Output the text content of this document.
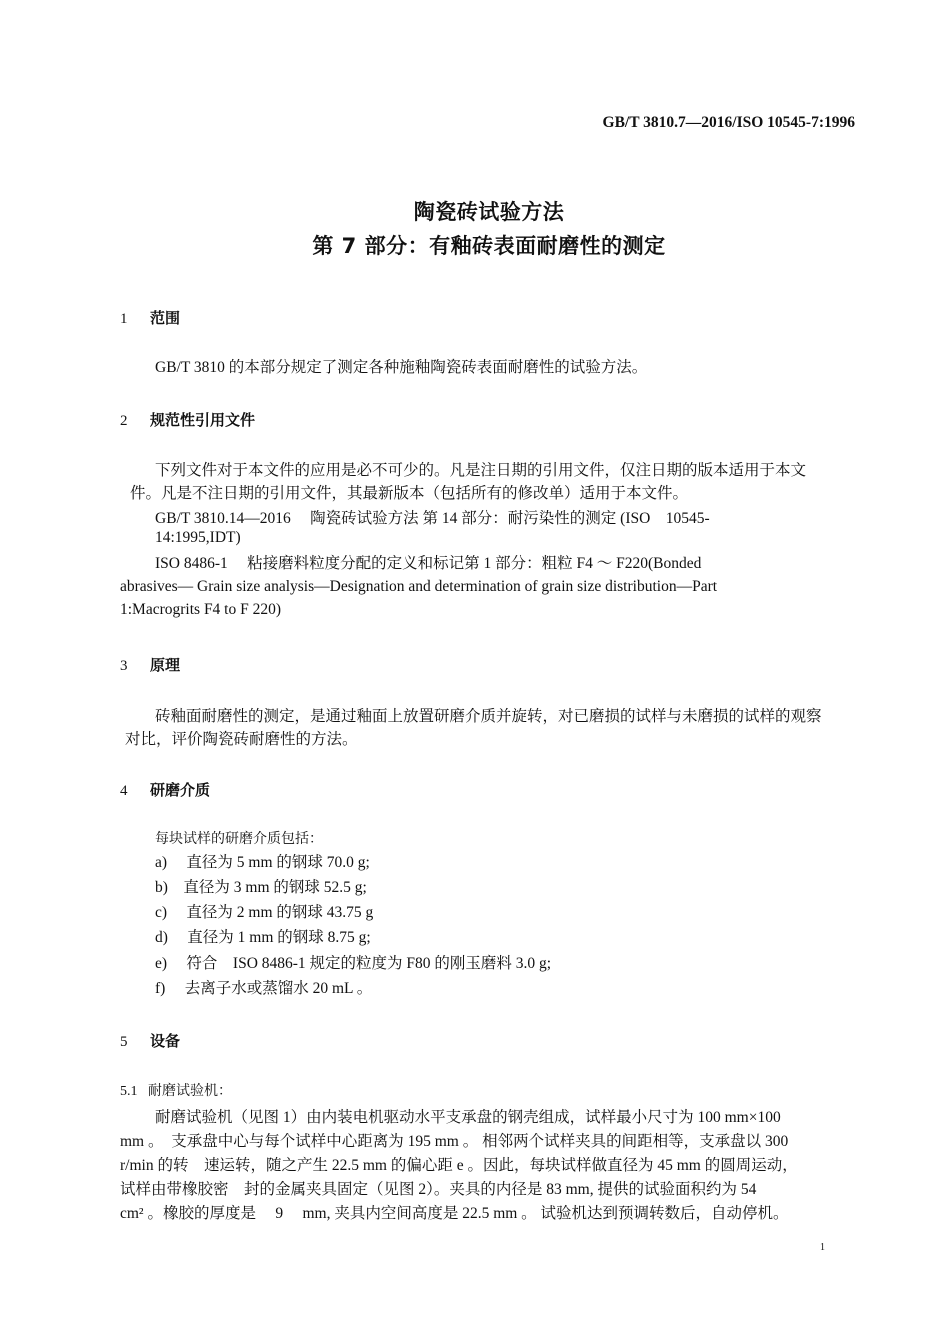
GB/T 3810.7—2016/ISO 10545-7:1996
陶瓷砖试验方法
第 7 部分：有釉砖表面耐磨性的测定
1 范围
GB/T 3810 的本部分规定了测定各种施釉陶瓷砖表面耐磨性的试验方法。
2 规范性引用文件
下列文件对于本文件的应用是必不可少的。凡是注日期的引用文件，仅注日期的版本适用于本文
件。凡是不注日期的引用文件，其最新版本（包括所有的修改单）适用于本文件。
GB/T 3810.14—2016　 陶瓷砖试验方法 第 14 部分：耐污染性的测定 (ISO　10545-
14:1995,IDT)
ISO 8486-1　 粘接磨料粒度分配的定义和标记第 1 部分：粗粒 F4 ～ F220(Bonded
abrasives— Grain size analysis—Designation and determination of grain size distribution—Part
1:Macrogrits F4 to F 220)
3 原理
砖釉面耐磨性的测定，是通过釉面上放置研磨介质并旋转，对已磨损的试样与未磨损的试样的观察
对比，评价陶瓷砖耐磨性的方法。
4 研磨介质
每块试样的研磨介质包括：
a)　 直径为 5 mm 的钢球 70.0 g;
b)　直径为 3 mm 的钢球 52.5 g;
c)　 直径为 2 mm 的钢球 43.75 g
d)　 直径为 1 mm 的钢球 8.75 g;
e)　 符合　ISO 8486-1 规定的粒度为 F80 的刚玉磨料 3.0 g;
f)　 去离子水或蒸馏水 20 mL 。
5 设备
5.1 耐磨试验机：
耐磨试验机（见图 1）由内装电机驱动水平支承盘的钢壳组成，试样最小尺寸为 100 mm×100
mm 。　支承盘中心与每个试样中心距离为 195 mm 。 相邻两个试样夹具的间距相等，支承盘以 300
r/min 的转　速运转，随之产生 22.5 mm 的偏心距 e 。因此，每块试样做直径为 45 mm 的圆周运动，
试样由带橡胶密　封的金属夹具固定（见图 2）。夹具的内径是 83 mm, 提供的试验面积约为 54
cm² 。橡胶的厚度是　 9　 mm, 夹具内空间高度是 22.5 mm 。 试验机达到预调转数后，自动停机。
1
